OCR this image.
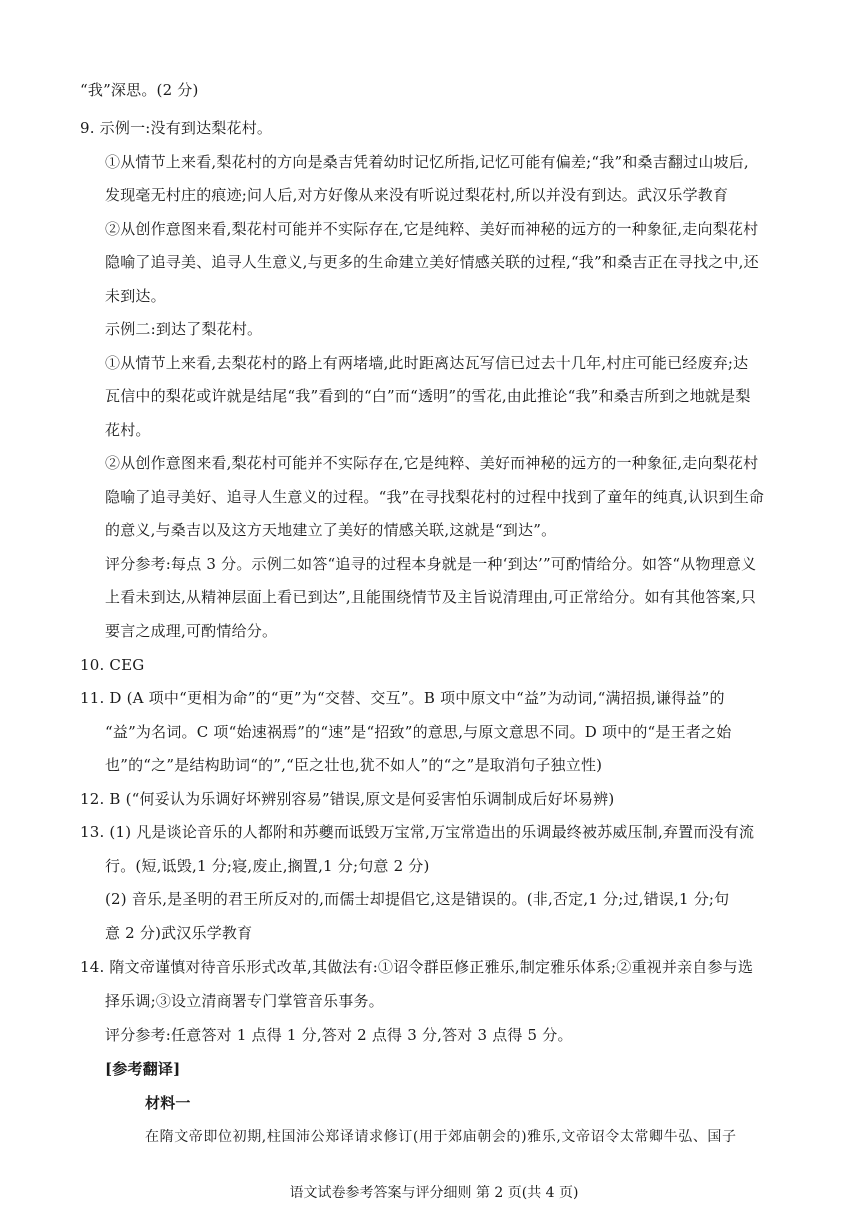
“我”深思。(2 分)
9. 示例一:没有到达梨花村。
①从情节上来看,梨花村的方向是桑吉凭着幼时记忆所指,记忆可能有偏差;“我”和桑吉翻过山坡后,
发现毫无村庄的痕迹;问人后,对方好像从来没有听说过梨花村,所以并没有到达。武汉乐学教育
②从创作意图来看,梨花村可能并不实际存在,它是纯粹、美好而神秘的远方的一种象征,走向梨花村
隐喻了追寻美、追寻人生意义,与更多的生命建立美好情感关联的过程,“我”和桑吉正在寻找之中,还
未到达。
示例二:到达了梨花村。
①从情节上来看,去梨花村的路上有两堵墙,此时距离达瓦写信已过去十几年,村庄可能已经废弃;达
瓦信中的梨花或许就是结尾“我”看到的“白”而“透明”的雪花,由此推论“我”和桑吉所到之地就是梨
花村。
②从创作意图来看,梨花村可能并不实际存在,它是纯粹、美好而神秘的远方的一种象征,走向梨花村
隐喻了追寻美好、追寻人生意义的过程。“我”在寻找梨花村的过程中找到了童年的纯真,认识到生命
的意义,与桑吉以及这方天地建立了美好的情感关联,这就是“到达”。
评分参考:每点 3 分。示例二如答“追寻的过程本身就是一种‘到达’”可酌情给分。如答“从物理意义
上看未到达,从精神层面上看已到达”,且能围绕情节及主旨说清理由,可正常给分。如有其他答案,只
要言之成理,可酌情给分。
10. CEG
11. D (A 项中“更相为命”的“更”为“交替、交互”。B 项中原文中“益”为动词,“满招损,谦得益”的
“益”为名词。C 项“始速祸焉”的“速”是“招致”的意思,与原文意思不同。D 项中的“是王者之始
也”的“之”是结构助词“的”,“臣之壮也,犹不如人”的“之”是取消句子独立性)
12. B (“何妥认为乐调好坏辨别容易”错误,原文是何妥害怕乐调制成后好坏易辨)
13. (1) 凡是谈论音乐的人都附和苏夔而诋毁万宝常,万宝常造出的乐调最终被苏威压制,弃置而没有流
行。(短,诋毁,1 分;寝,废止,搁置,1 分;句意 2 分)
(2) 音乐,是圣明的君王所反对的,而儒士却提倡它,这是错误的。(非,否定,1 分;过,错误,1 分;句
意 2 分)武汉乐学教育
14. 隋文帝谨慎对待音乐形式改革,其做法有:①诏令群臣修正雅乐,制定雅乐体系;②重视并亲自参与选
择乐调;③设立清商署专门掌管音乐事务。
评分参考:任意答对 1 点得 1 分,答对 2 点得 3 分,答对 3 点得 5 分。
[参考翻译]
材料一
在隋文帝即位初期,柱国沛公郑译请求修订(用于郊庙朝会的)雅乐,文帝诏令太常卿牛弘、国子
语文试卷参考答案与评分细则 第 2 页(共 4 页)
